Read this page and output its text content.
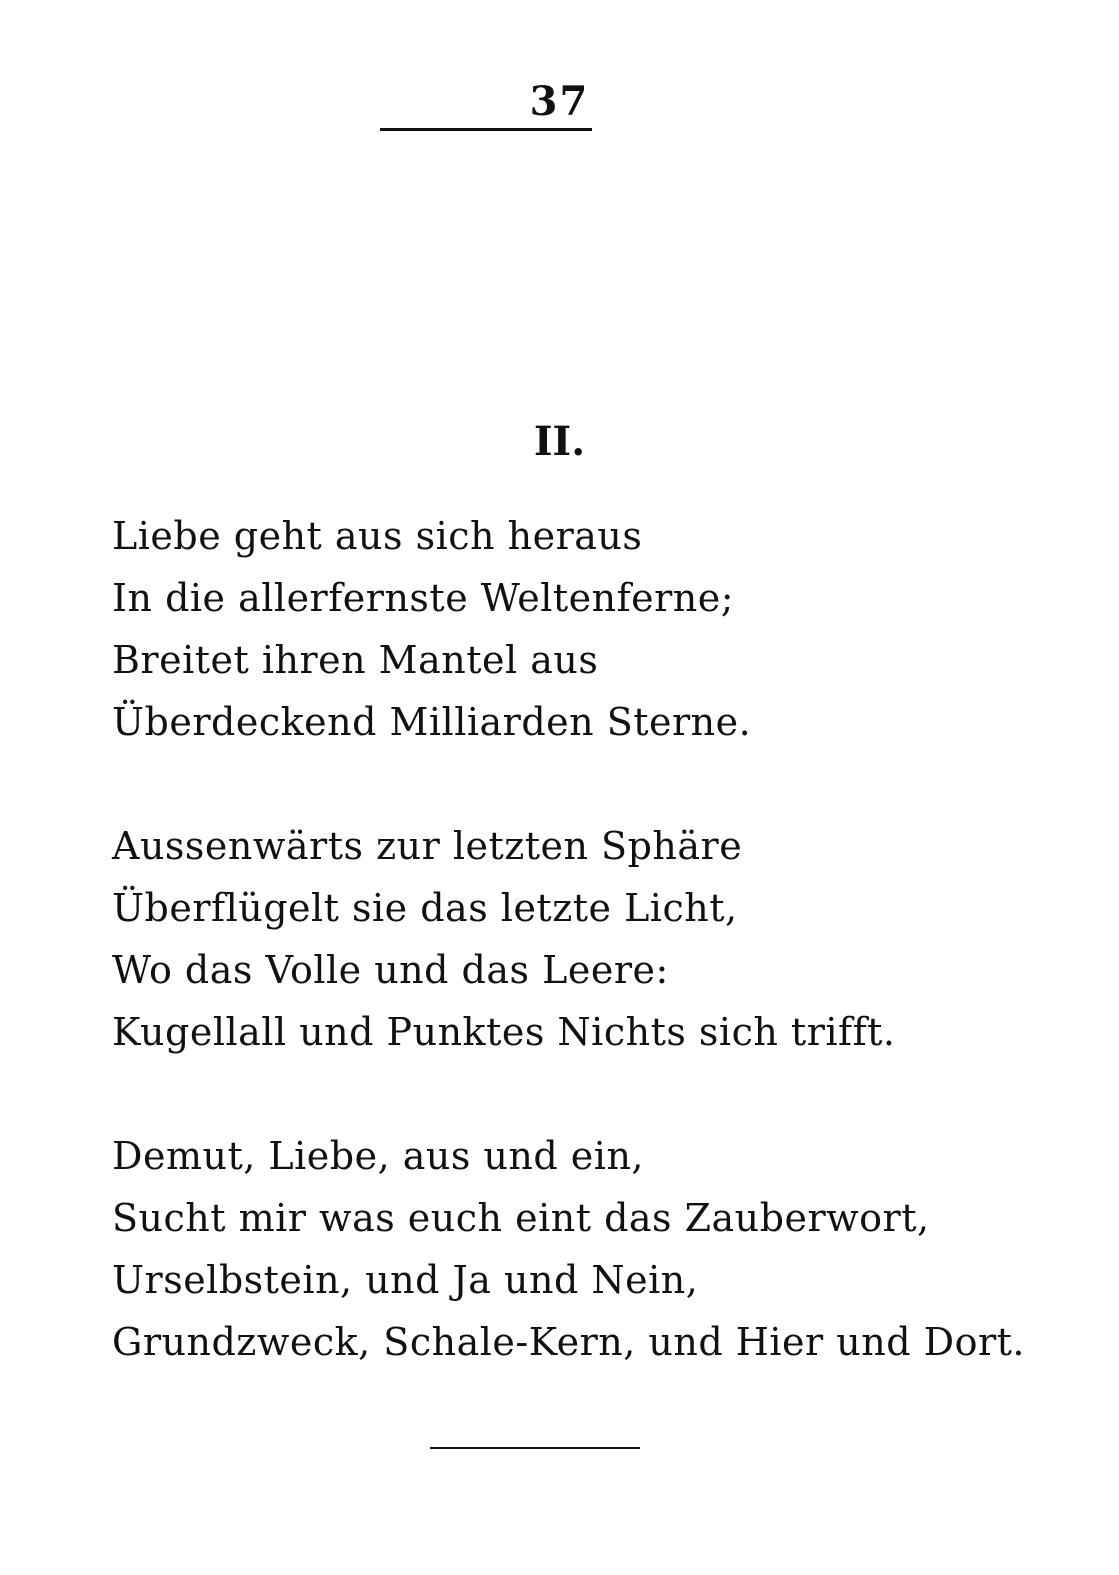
37
II.
Liebe geht aus sich heraus
In die allerfernste Weltenferne;
Breitet ihren Mantel aus
Überdeckend Milliarden Sterne.
Aussenwärts zur letzten Sphäre
Überflügelt sie das letzte Licht,
Wo das Volle und das Leere:
Kugellall und Punktes Nichts sich trifft.
Demut, Liebe, aus und ein,
Sucht mir was euch eint das Zauberwort,
Urselbstein, und Ja und Nein,
Grundzweck, Schale-Kern, und Hier und Dort.
